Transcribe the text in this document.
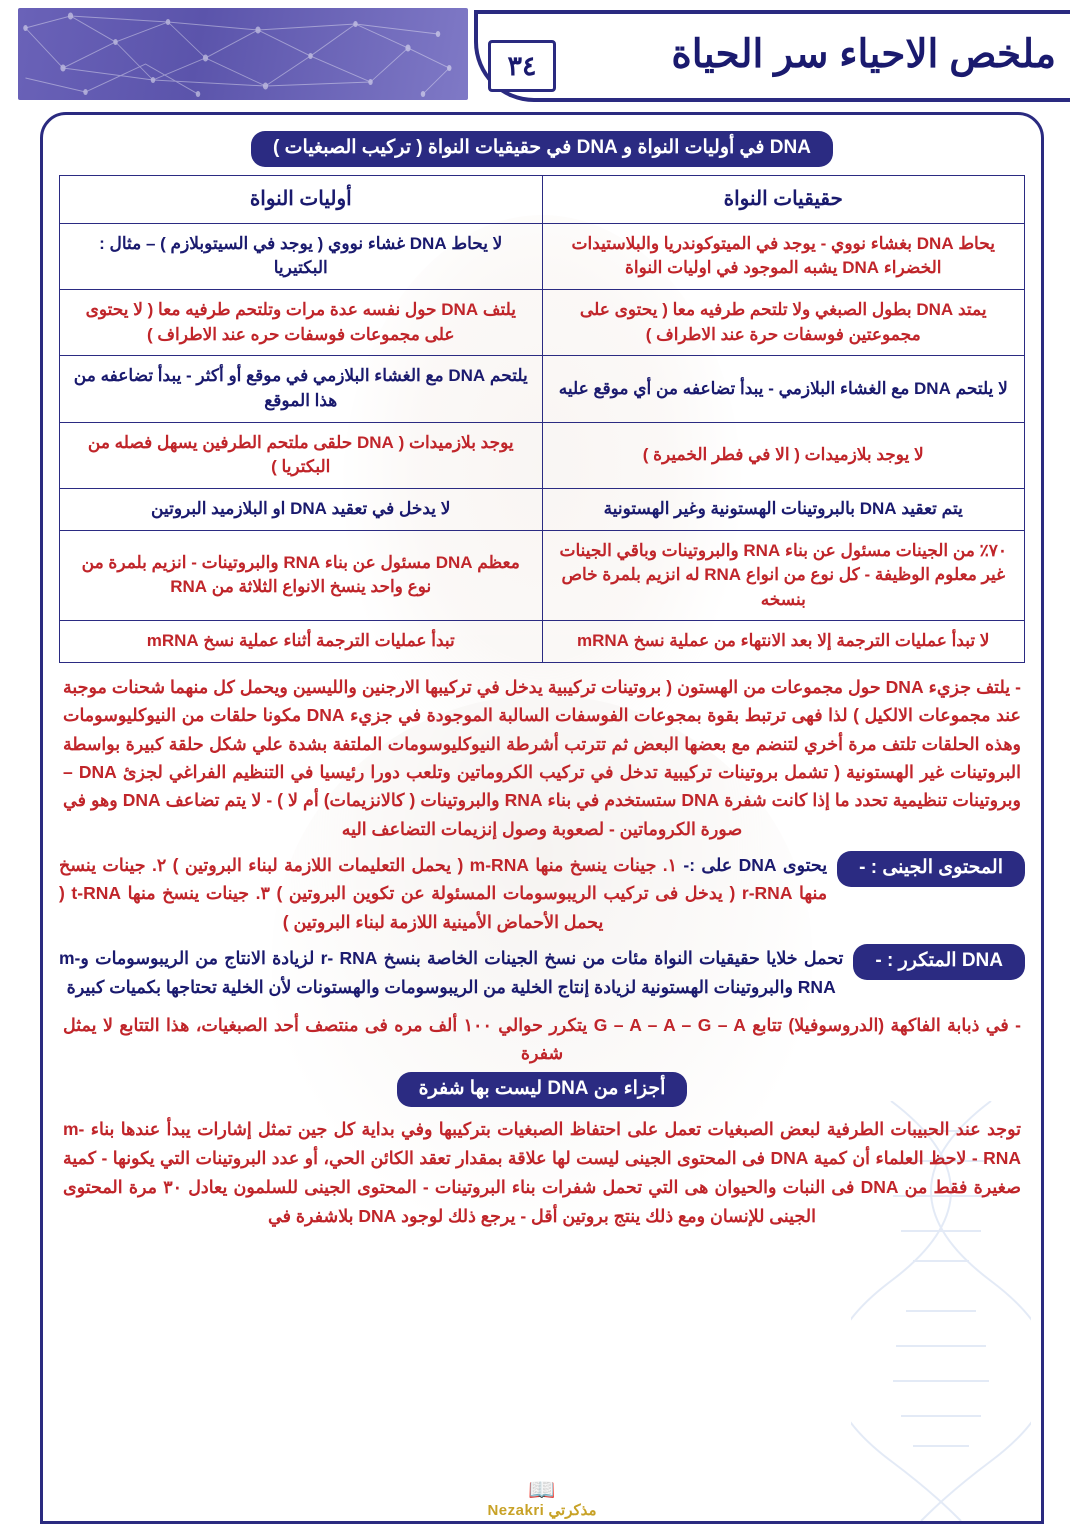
ملخص الاحياء سر الحياة
٣٤
DNA في أوليات النواة و DNA في حقيقيات النواة ( تركيب الصبغيات )
حقيقيات النواة	أوليات النواة
يحاط DNA بغشاء نووي - يوجد في الميتوكوندريا والبلاستيدات الخضراء DNA يشبه الموجود في اوليات النواة	لا يحاط DNA غشاء نووي ( يوجد في السيتوبلازم ) – مثال : البكتيريا
يمتد DNA بطول الصبغي ولا تلتحم طرفيه معا ( يحتوى على مجموعتين فوسفات حرة عند الاطراف )	يلتف DNA حول نفسه عدة مرات وتلتحم طرفيه معا ( لا يحتوى على مجموعات فوسفات حره عند الاطراف )
لا يلتحم DNA مع الغشاء البلازمي - يبدأ تضاعفه من أي موقع عليه	يلتحم DNA مع الغشاء البلازمي في موقع أو أكثر - يبدأ تضاعفه من هذا الموقع
لا يوجد بلازميدات ( الا في فطر الخميرة )	يوجد بلازميدات ( DNA حلقى ملتحم الطرفين يسهل فصله من البكتريا )
يتم تعقيد DNA بالبروتينات الهستونية وغير الهستونية	لا يدخل في تعقيد DNA او البلازميد البروتين
٧٠٪ من الجينات مسئول عن بناء RNA والبروتينات وباقي الجينات غير معلوم الوظيفة - كل نوع من انواع RNA له انزيم بلمرة خاص بنسخه	معظم DNA مسئول عن بناء RNA والبروتينات - انزيم بلمرة من نوع واحد ينسخ الانواع الثلاثة من RNA
لا تبدأ عمليات الترجمة إلا بعد الانتهاء من عملية نسخ mRNA	تبدأ عمليات الترجمة أثناء عملية نسخ mRNA
- يلتف جزيء DNA حول مجموعات من الهستون ( بروتينات تركيبية يدخل في تركيبها الارجنين والليسين ويحمل كل منهما شحنات موجبة عند مجموعات الالكيل ) لذا فهى ترتبط بقوة بمجوعات الفوسفات السالبة الموجودة في جزيء DNA مكونا حلقات من النيوكليوسومات وهذه الحلقات تلتف مرة أخري لتنضم مع بعضها البعض ثم تترتب أشرطة النيوكليوسومات الملتفة بشدة علي شكل حلقة كبيرة بواسطة البروتينات غير الهستونية ( تشمل بروتينات تركيبية تدخل في تركيب الكروماتين وتلعب دورا رئيسيا في التنظيم الفراغي لجزئ DNA – وبروتينات تنظيمية تحدد ما إذا كانت شفرة DNA ستستخدم في بناء RNA والبروتينات ( كالانزيمات) أم لا ) - لا يتم تضاعف DNA وهو في صورة الكروماتين - لصعوبة وصول إنزيمات التضاعف اليه
المحتوى الجينى : -
يحتوى DNA على :- ١. جينات ينسخ منها m-RNA ( يحمل التعليمات اللازمة لبناء البروتين ) ٢. جينات ينسخ منها r-RNA ( يدخل فى تركيب الريبوسومات المسئولة عن تكوين البروتين ) ٣. جينات ينسخ منها t-RNA ( يحمل الأحماض الأمينية اللازمة لبناء البروتين )
DNA المتكرر : -
تحمل خلايا حقيقيات النواة مئات من نسخ الجينات الخاصة بنسخ r- RNA لزيادة الانتاج من الريبوسومات وm-RNA والبروتينات الهستونية لزيادة إنتاج الخلية من الريبوسومات والهستونات لأن الخلية تحتاجها بكميات كبيرة
- في ذبابة الفاكهة (الدروسوفيلا) تتابع G – A – A – G – A يتكرر حوالي ١٠٠ ألف مره فى منتصف أحد الصبغيات، هذا التتابع لا يمثل شفرة
أجزاء من DNA ليست بها شفرة
توجد عند الحبيبات الطرفية لبعض الصبغيات تعمل على احتفاظ الصبغيات بتركيبها وفي بداية كل جين تمثل إشارات يبدأ عندها بناء m-RNA - لاحظ العلماء أن كمية DNA فى المحتوى الجينى ليست لها علاقة بمقدار تعقد الكائن الحي، أو عدد البروتينات التي يكونها - كمية صغيرة فقط من DNA فى النبات والحيوان هى التي تحمل شفرات بناء البروتينات - المحتوى الجينى للسلمون يعادل ٣٠ مرة المحتوى الجينى للإنسان ومع ذلك ينتج بروتين أقل - يرجع ذلك لوجود DNA بلاشفرة في
📖
مذكرتي Nezakri
